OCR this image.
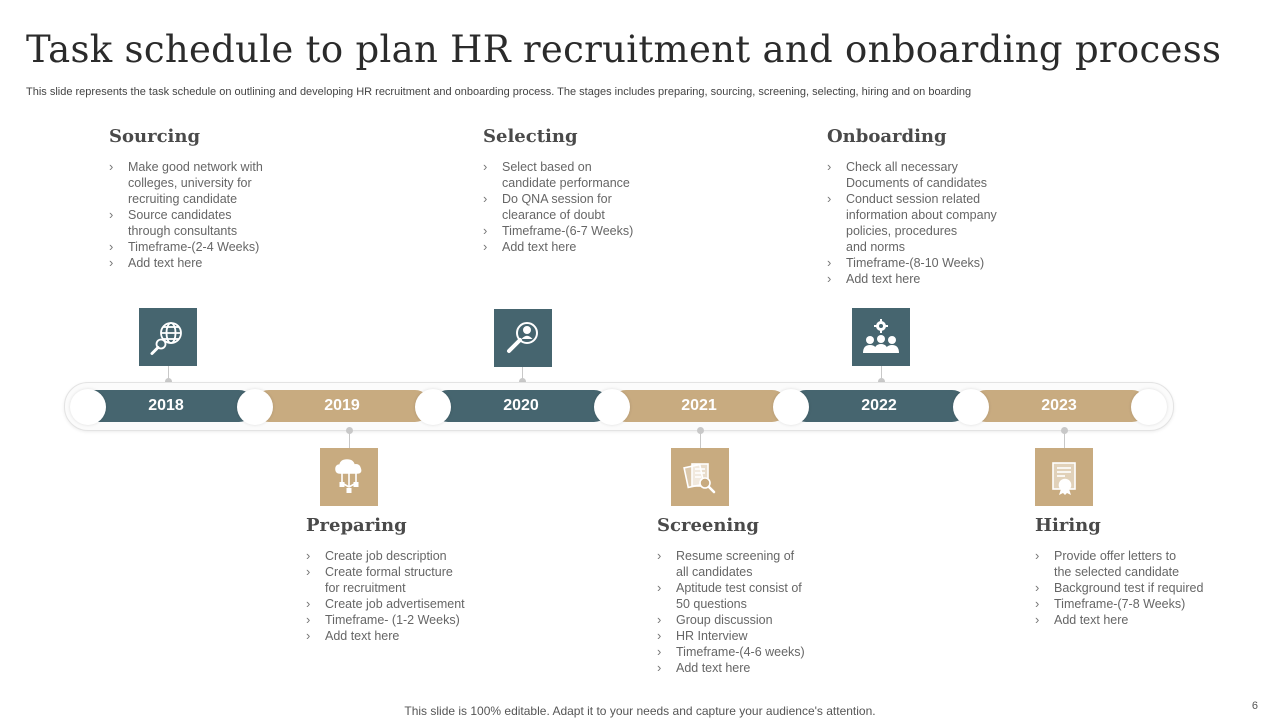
Task schedule to plan HR recruitment and onboarding process
This slide represents the task schedule on outlining and developing HR recruitment and onboarding process. The stages includes preparing, sourcing, screening, selecting, hiring and on boarding
Sourcing
› Make good network with
colleges, university for
recruiting candidate
› Source candidates
through consultants
› Timeframe-(2-4 Weeks)
› Add text here
Selecting
› Select based on
candidate performance
› Do QNA session for
clearance of doubt
› Timeframe-(6-7 Weeks)
› Add text here
Onboarding
› Check all necessary
Documents of candidates
› Conduct session related
information about company
policies, procedures
and norms
› Timeframe-(8-10 Weeks)
› Add text here
2018	2019	2020	2021	2022	2023
Preparing
› Create job description
› Create formal structure
for recruitment
› Create job advertisement
› Timeframe- (1-2 Weeks)
› Add text here
Screening
› Resume screening of
all candidates
› Aptitude test consist of
50 questions
› Group discussion
› HR Interview
› Timeframe-(4-6 weeks)
› Add text here
Hiring
› Provide offer letters to
the selected candidate
› Background test if required
› Timeframe-(7-8 Weeks)
› Add text here
This slide is 100% editable. Adapt it to your needs and capture your audience's attention.	6
